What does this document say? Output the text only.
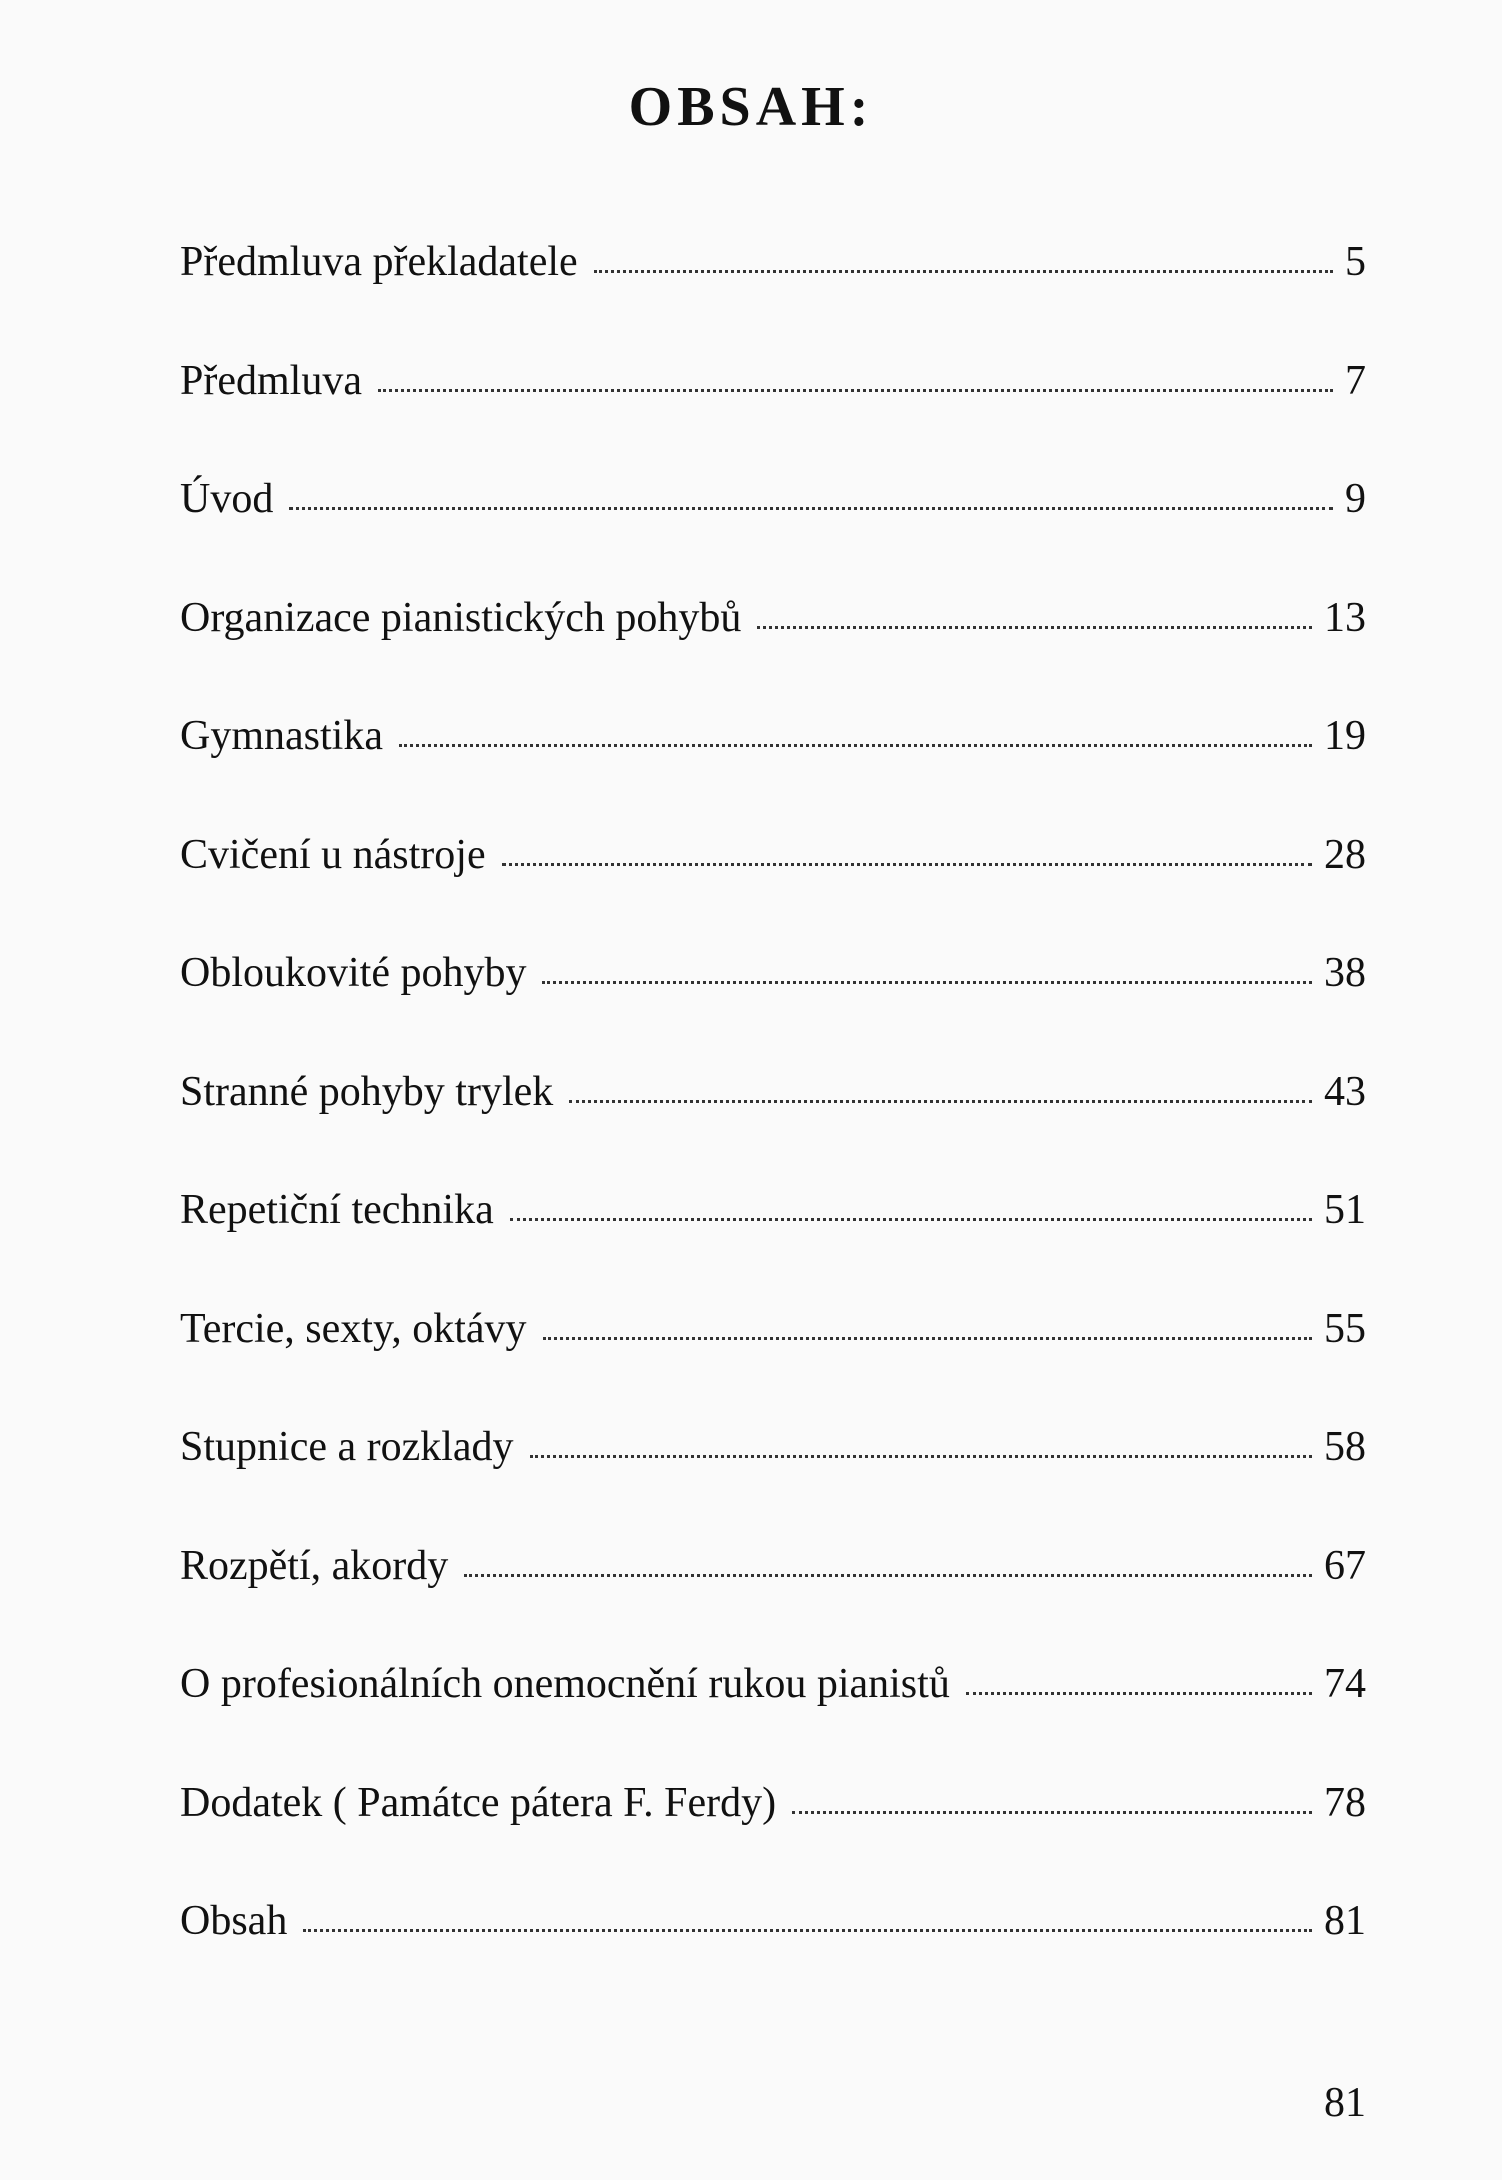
OBSAH:
Předmluva překladatele	5
Předmluva	7
Úvod	9
Organizace pianistických pohybů	13
Gymnastika	19
Cvičení u nástroje	28
Obloukovité pohyby	38
Stranné pohyby trylek	43
Repetiční technika	51
Tercie, sexty, oktávy	55
Stupnice a rozklady	58
Rozpětí, akordy	67
O profesionálních onemocnění rukou pianistů	74
Dodatek ( Památce pátera F. Ferdy)	78
Obsah	81
81
